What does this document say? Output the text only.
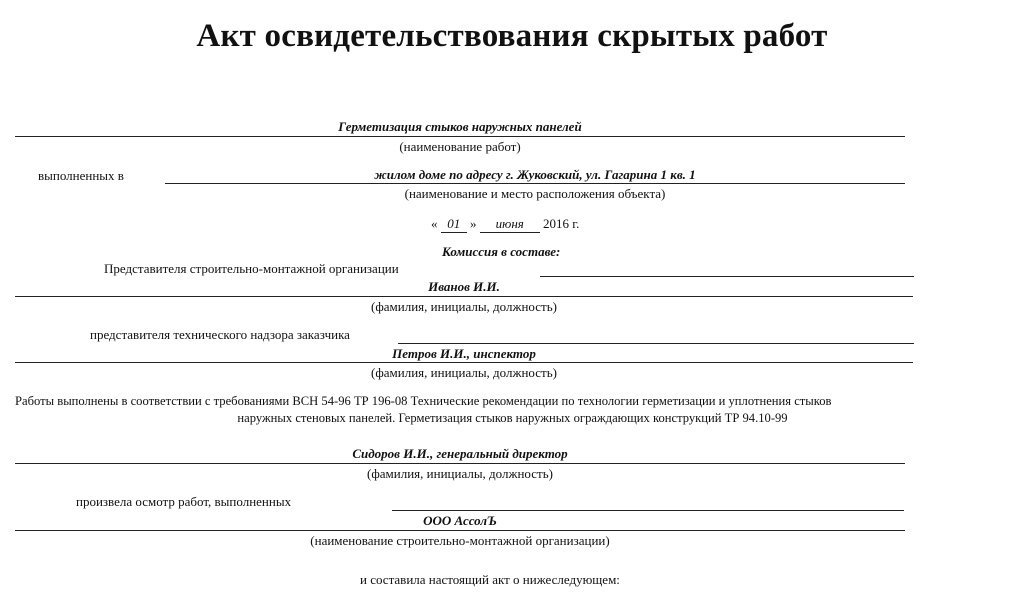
Акт освидетельствования скрытых работ
Герметизация стыков наружных панелей
(наименование работ)
выполненных в	жилом доме по адресу г. Жуковский, ул. Гагарина 1 кв. 1
(наименование и место расположения объекта)
« 01 » июня 2016 г.
Комиссия в составе:
Представителя строительно-монтажной организации
Иванов И.И.
(фамилия, инициалы, должность)
представителя технического надзора заказчика
Петров И.И., инспектор
(фамилия, инициалы, должность)
Работы выполнены в соответствии с требованиями ВСН 54-96 ТР 196-08 Технические рекомендации по технологии герметизации и уплотнения стыков
наружных стеновых панелей. Герметизация стыков наружных ограждающих конструкций ТР 94.10-99
Сидоров И.И., генеральный директор
(фамилия, инициалы, должность)
произвела осмотр работ, выполненных
ООО АссолЪ
(наименование строительно-монтажной организации)
и составила настоящий акт о нижеследующем:
